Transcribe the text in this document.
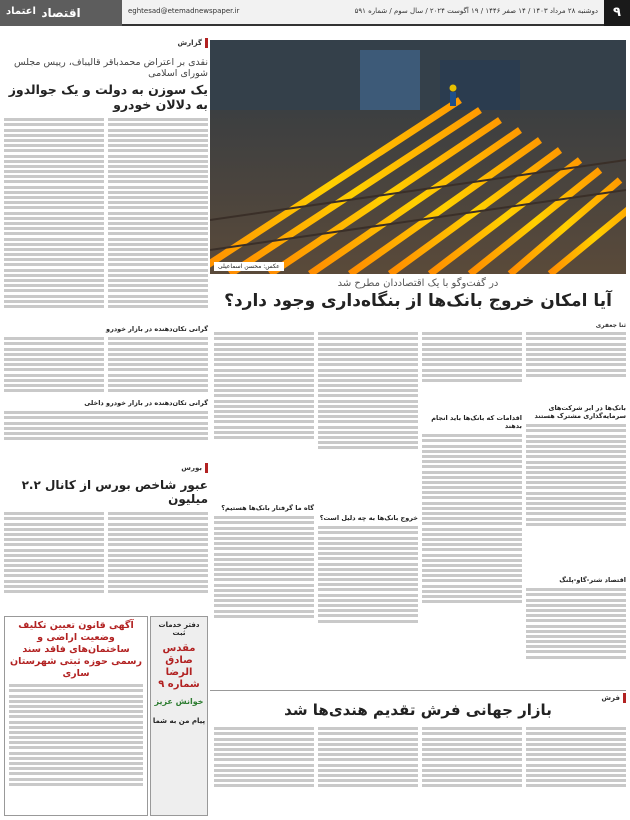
۹
دوشنبه ۲۸ مرداد ۱۴۰۳ / ۱۴ صفر ۱۴۴۶ / ۱۹ آگوست ۲۰۲۴ / سال سوم / شماره ۵۹۱
eghtesad@etemadnewspaper.ir
اقتصاد
اعتماد
گزارش
نقدی بر اعتراض محمدباقر قالیباف، رییس مجلس شورای اسلامی
یک سوزن به دولت و یک جوالدوز به دلالان خودرو
گرانی تکان‌دهنده در بازار خودرو
گرانی تکان‌دهنده در بازار خودرو داخلی
عکس: محسن اسماعیلی
در گفت‌وگو با یک اقتصاددان مطرح شد
آیا امکان خروج بانک‌ها از بنگاه‌داری وجود دارد؟
ثنا جعفری
بانک‌ها در ابر شرکت‌های سرمایه‌گذاری مشترک هستند
اقتصاد شتر-گاو-پلنگ
اقدامات که بانک‌ها باید انجام بدهند
خروج بانک‌ها به چه دلیل است؟
گاه ما گرفتار بانک‌ها هستیم؟
بورس
عبور شاخص بورس از کانال ۲.۲ میلیون
آگهی قانون تعیین تکلیف وضعیت اراضی و ساختمان‌های فاقد سند رسمی حوزه ثبتی شهرستان ساری
دفتر خدمات ثبت
مقدس صادق الرضا شماره ۹
خوانش عزیز
پیام من به شما
فرش
بازار جهانی فرش تقدیم هندی‌ها شد
